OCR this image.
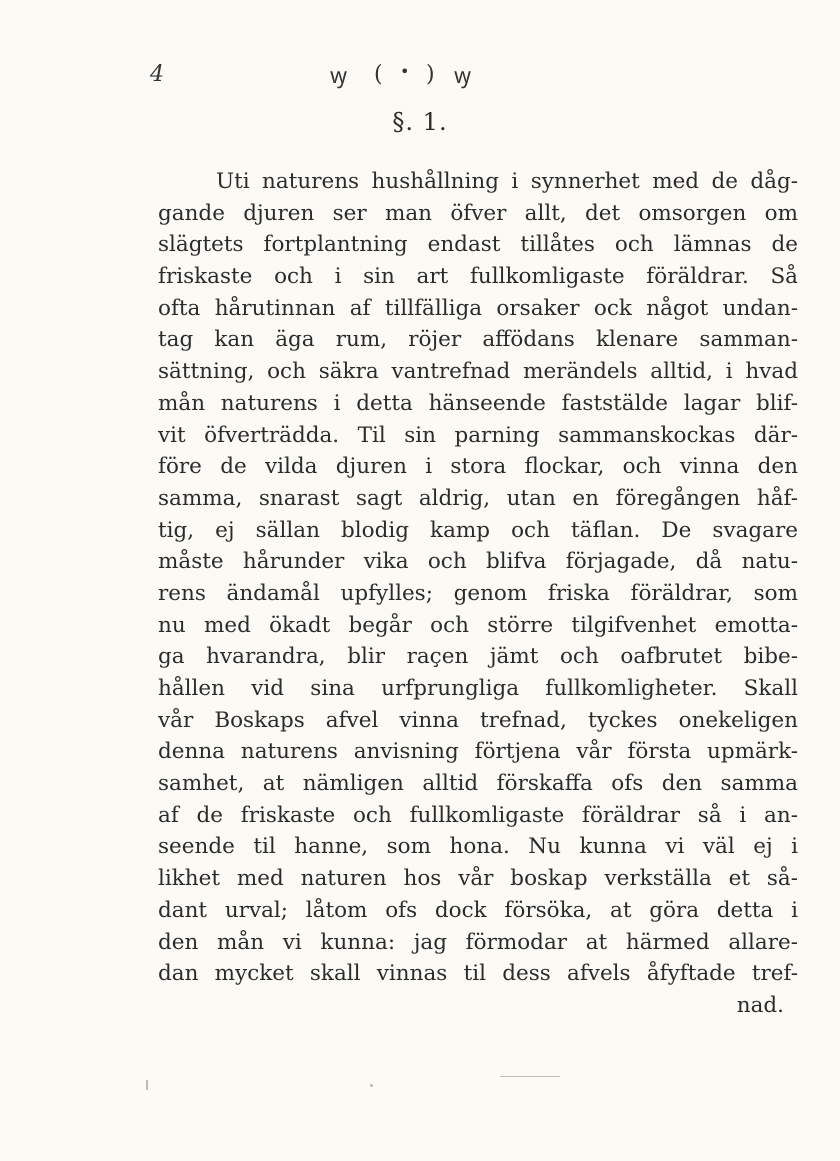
4	ꝡ ( • ) ꝡ
§. 1.
Uti naturens hushållning i synnerhet med de dåg-
gande djuren ser man öfver allt, det omsorgen om
slägtets fortplantning endast tillåtes och lämnas de
friskaste och i sin art fullkomligaste föräldrar. Så
ofta hårutinnan af tillfälliga orsaker ock något undan-
tag kan äga rum, röjer affödans klenare samman-
sättning, och säkra vantrefnad merändels alltid, i hvad
mån naturens i detta hänseende faststälde lagar blif-
vit öfverträdda. Til sin parning sammanskockas där-
före de vilda djuren i stora flockar, och vinna den
samma, snarast sagt aldrig, utan en föregången håf-
tig, ej sällan blodig kamp och täflan. De svagare
måste hårunder vika och blifva förjagade, då natu-
rens ändamål upfylles; genom friska föräldrar, som
nu med ökadt begår och större tilgifvenhet emotta-
ga hvarandra, blir raçen jämt och oafbrutet bibe-
hållen vid sina urfprungliga fullkomligheter. Skall
vår Boskaps afvel vinna trefnad, tyckes onekeligen
denna naturens anvisning förtjena vår första upmärk-
samhet, at nämligen alltid förskaffa ofs den samma
af de friskaste och fullkomligaste föräldrar så i an-
seende til hanne, som hona. Nu kunna vi väl ej i
likhet med naturen hos vår boskap verkställa et så-
dant urval; låtom ofs dock försöka, at göra detta i
den mån vi kunna: jag förmodar at härmed allare-
dan mycket skall vinnas til dess afvels åfyftade tref-
nad.
